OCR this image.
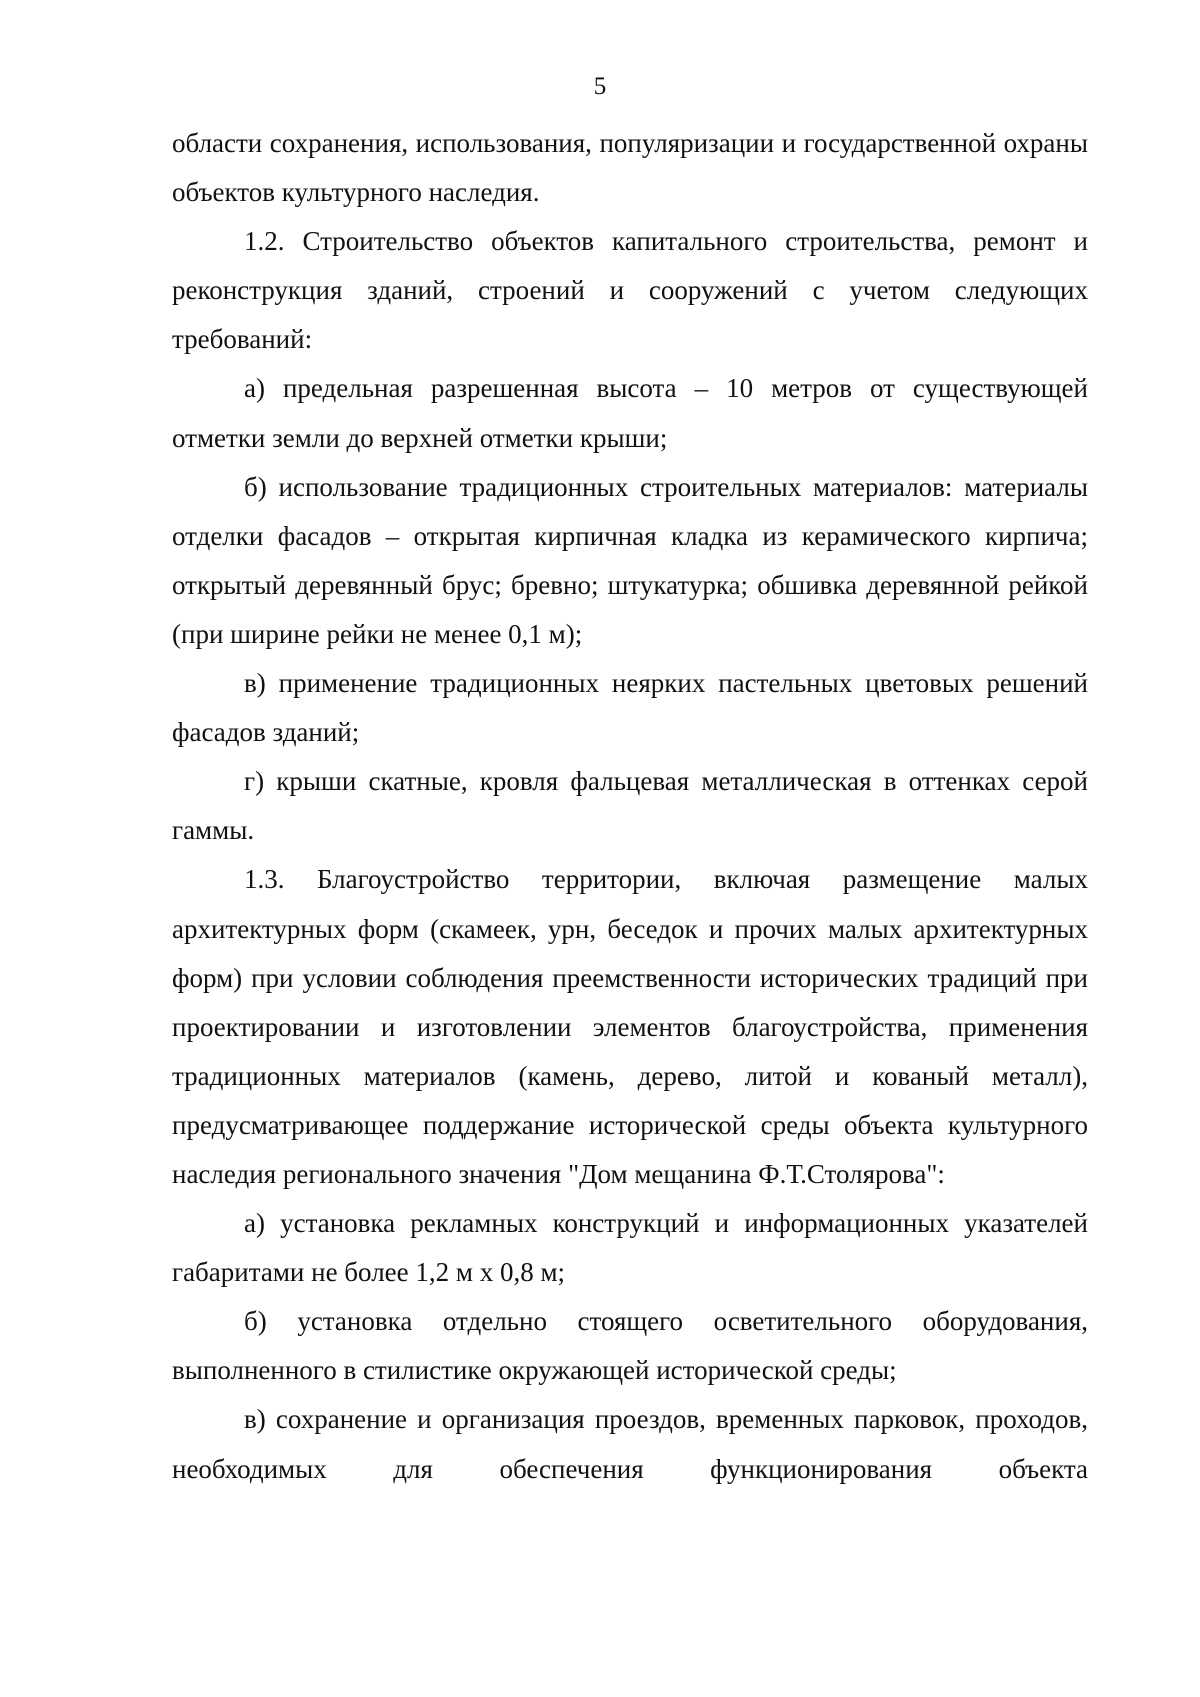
5

области сохранения, использования, популяризации и государственной охраны объектов культурного наследия.

1.2. Строительство объектов капитального строительства, ремонт и реконструкция зданий, строений и сооружений с учетом следующих требований:

а) предельная разрешенная высота – 10 метров от существующей отметки земли до верхней отметки крыши;

б) использование традиционных строительных материалов: материалы отделки фасадов – открытая кирпичная кладка из керамического кирпича; открытый деревянный брус; бревно; штукатурка; обшивка деревянной рейкой (при ширине рейки не менее 0,1 м);

в) применение традиционных неярких пастельных цветовых решений фасадов зданий;

г) крыши скатные, кровля фальцевая металлическая в оттенках серой гаммы.

1.3. Благоустройство территории, включая размещение малых архитектурных форм (скамеек, урн, беседок и прочих малых архитектурных форм) при условии соблюдения преемственности исторических традиций при проектировании и изготовлении элементов благоустройства, применения традиционных материалов (камень, дерево, литой и кованый металл), предусматривающее поддержание исторической среды объекта культурного наследия регионального значения "Дом мещанина Ф.Т.Столярова":

а) установка рекламных конструкций и информационных указателей габаритами не более 1,2 м х 0,8 м;

б) установка отдельно стоящего осветительного оборудования, выполненного в стилистике окружающей исторической среды;

в) сохранение и организация проездов, временных парковок, проходов, необходимых для обеспечения функционирования объекта
